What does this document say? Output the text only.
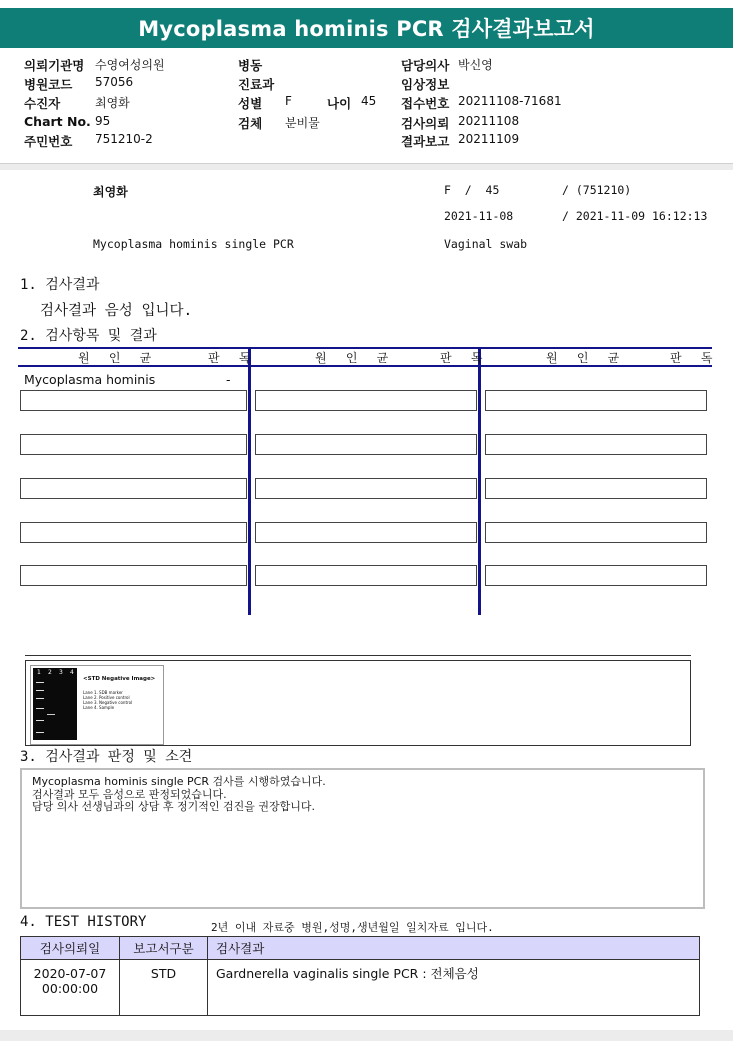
Mycoplasma hominis PCR 검사결과보고서
의뢰기관명 수영여성의원
병원코드 57056
수진자	최영화
Chart No. 95
주민번호 751210-2
병동
진료과
성별 F	나이 45
검체 분비물
담당의사 박신영
임상정보
접수번호 20211108-71681
검사의뢰 20211108
결과보고 20211109
최영화	F  /  45	/ (751210)
2021-11-08	/ 2021-11-09 16:12:13
Mycoplasma hominis single PCR	Vaginal swab
1. 검사결과
검사결과 음성 입니다.
2. 검사항목 및 결과
원 인 균	판 독	원 인 균	판 독	원 인 균	판 독
Mycoplasma hominis	-
1 2 3 4
<STD Negative Image>
Lane 1. SDB marker
Lane 2. Positive control
Lane 3. Negative control
Lane 4. Sample
3. 검사결과 판정 및 소견
Mycoplasma hominis single PCR 검사를 시행하였습니다.
검사결과 모두 음성으로 판정되었습니다.
담당 의사 선생님과의 상담 후 정기적인 검진을 권장합니다.
4. TEST HISTORY	2년 이내 자료중 병원,성명,생년월일 일치자료 입니다.
검사의뢰일	보고서구분	검사결과

2020-07-07
00:00:00	STD	Gardnerella vaginalis single PCR : 전체음성
